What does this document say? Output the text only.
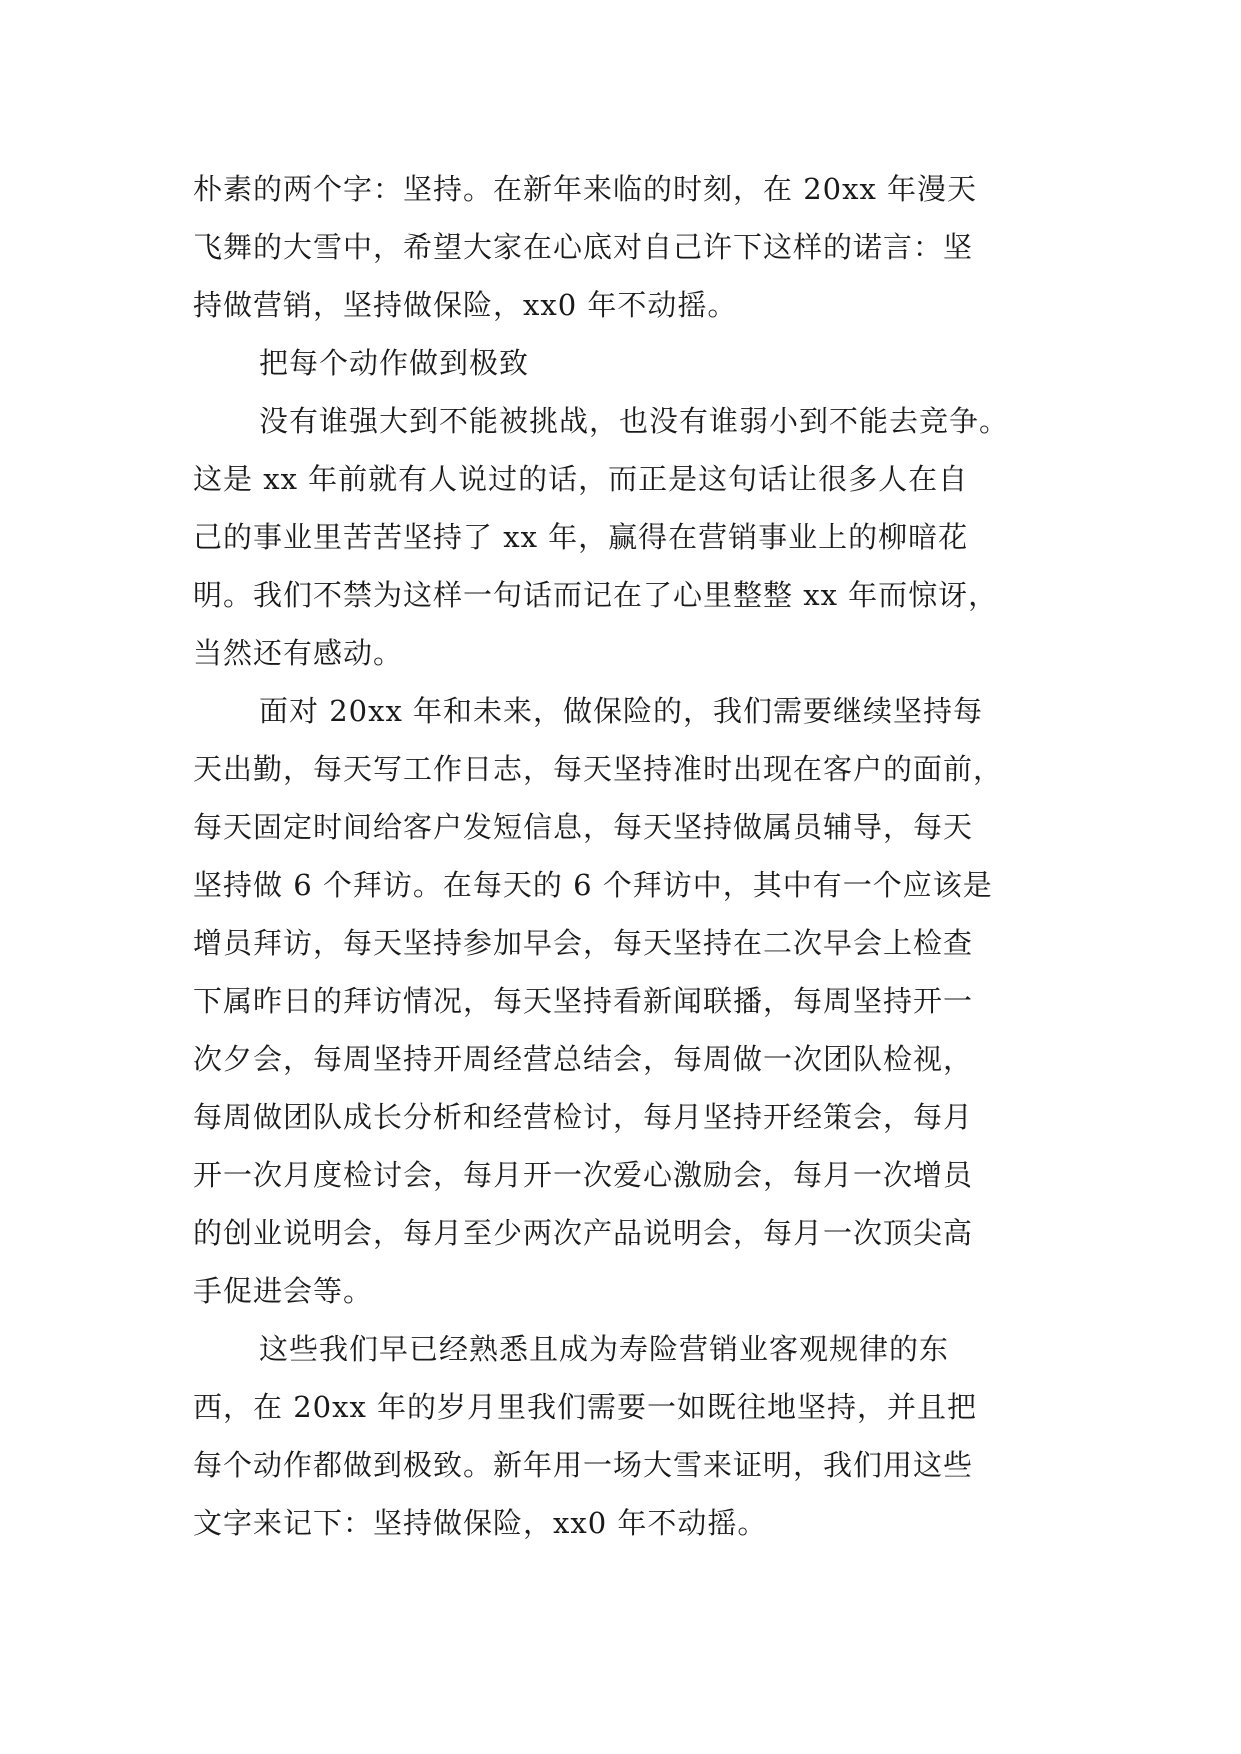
朴素的两个字：坚持。在新年来临的时刻，在 20xx 年漫天
飞舞的大雪中，希望大家在心底对自己许下这样的诺言：坚
持做营销，坚持做保险，xx0 年不动摇。
把每个动作做到极致
没有谁强大到不能被挑战，也没有谁弱小到不能去竞争。
这是 xx 年前就有人说过的话，而正是这句话让很多人在自
己的事业里苦苦坚持了 xx 年，赢得在营销事业上的柳暗花
明。我们不禁为这样一句话而记在了心里整整 xx 年而惊讶，
当然还有感动。
面对 20xx 年和未来，做保险的，我们需要继续坚持每
天出勤，每天写工作日志，每天坚持准时出现在客户的面前，
每天固定时间给客户发短信息，每天坚持做属员辅导，每天
坚持做 6 个拜访。在每天的 6 个拜访中，其中有一个应该是
增员拜访，每天坚持参加早会，每天坚持在二次早会上检查
下属昨日的拜访情况，每天坚持看新闻联播，每周坚持开一
次夕会，每周坚持开周经营总结会，每周做一次团队检视，
每周做团队成长分析和经营检讨，每月坚持开经策会，每月
开一次月度检讨会，每月开一次爱心激励会，每月一次增员
的创业说明会，每月至少两次产品说明会，每月一次顶尖高
手促进会等。
这些我们早已经熟悉且成为寿险营销业客观规律的东
西，在 20xx 年的岁月里我们需要一如既往地坚持，并且把
每个动作都做到极致。新年用一场大雪来证明，我们用这些
文字来记下：坚持做保险，xx0 年不动摇。
